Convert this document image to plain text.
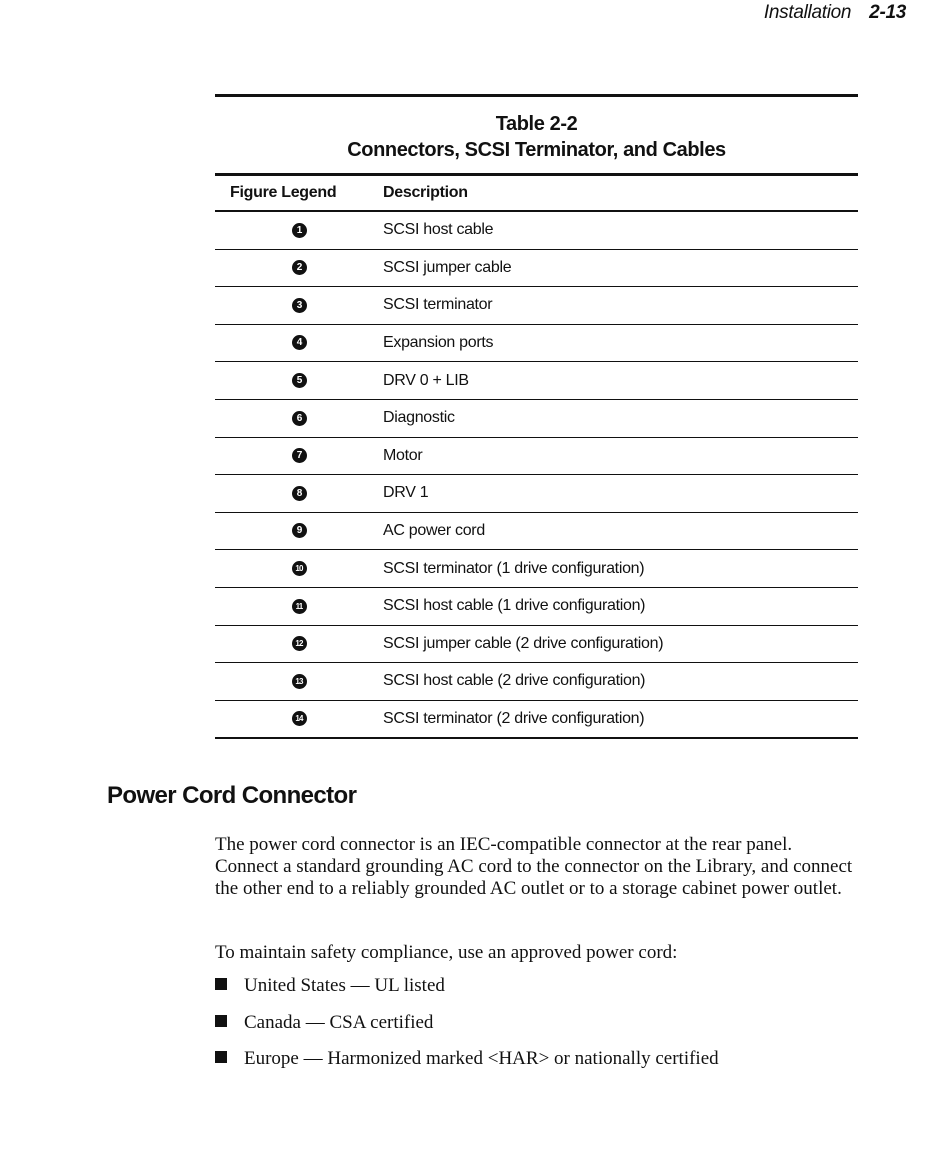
Installation 2-13
Table 2-2
Connectors, SCSI Terminator, and Cables
Figure Legend	Description
1	SCSI host cable
2	SCSI jumper cable
3	SCSI terminator
4	Expansion ports
5	DRV 0 + LIB
6	Diagnostic
7	Motor
8	DRV 1
9	AC power cord
10	SCSI terminator (1 drive configuration)
11	SCSI host cable (1 drive configuration)
12	SCSI jumper cable (2 drive configuration)
13	SCSI host cable (2 drive configuration)
14	SCSI terminator (2 drive configuration)
Power Cord Connector

The power cord connector is an IEC-compatible connector at the rear panel. Connect a standard grounding AC cord to the connector on the Library, and connect the other end to a reliably grounded AC outlet or to a storage cabinet power outlet.

To maintain safety compliance, use an approved power cord:

United States — UL listed
Canada — CSA certified
Europe — Harmonized marked <HAR> or nationally certified
